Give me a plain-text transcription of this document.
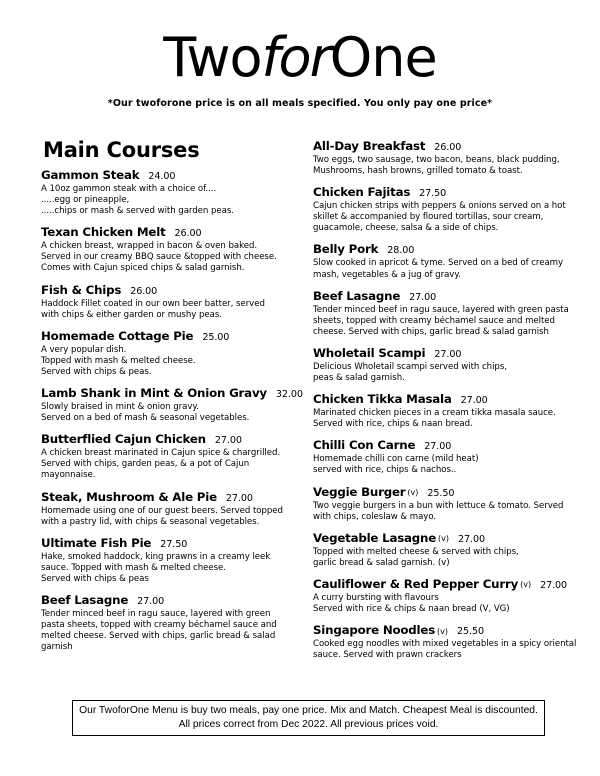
TwoforOne
*Our twoforone price is on all meals specified. You only pay one price*
Main Courses
Gammon Steak 24.00
A 10oz gammon steak with a choice of....
.....egg or pineapple,
.....chips or mash & served with garden peas.
Texan Chicken Melt 26.00
A chicken breast, wrapped in bacon & oven baked.
Served in our creamy BBQ sauce &topped with cheese.
Comes with Cajun spiced chips & salad garnish.
Fish & Chips 26.00
Haddock Fillet coated in our own beer batter, served
with chips & either garden or mushy peas.
Homemade Cottage Pie 25.00
A very popular dish.
Topped with mash & melted cheese.
Served with chips & peas.
Lamb Shank in Mint & Onion Gravy 32.00
Slowly braised in mint & onion gravy.
Served on a bed of mash & seasonal vegetables.
Butterflied Cajun Chicken 27.00
A chicken breast marinated in Cajun spice & chargrilled.
Served with chips, garden peas, & a pot of Cajun
mayonnaise.
Steak, Mushroom & Ale Pie 27.00
Homemade using one of our guest beers. Served topped
with a pastry lid, with chips & seasonal vegetables.
Ultimate Fish Pie 27.50
Hake, smoked haddock, king prawns in a creamy leek
sauce. Topped with mash & melted cheese.
Served with chips & peas
Beef Lasagne 27.00
Tender minced beef in ragu sauce, layered with green
pasta sheets, topped with creamy béchamel sauce and
melted cheese. Served with chips, garlic bread & salad
garnish
All-Day Breakfast 26.00
Two eggs, two sausage, two bacon, beans, black pudding,
Mushrooms, hash browns, grilled tomato & toast.
Chicken Fajitas 27.50
Cajun chicken strips with peppers & onions served on a hot
skillet & accompanied by floured tortillas, sour cream,
guacamole, cheese, salsa & a side of chips.
Belly Pork 28.00
Slow cooked in apricot & tyme. Served on a bed of creamy
mash, vegetables & a jug of gravy.
Beef Lasagne 27.00
Tender minced beef in ragu sauce, layered with green pasta
sheets, topped with creamy béchamel sauce and melted
cheese. Served with chips, garlic bread & salad garnish
Wholetail Scampi 27.00
Delicious Wholetail scampi served with chips,
peas & salad garnish.
Chicken Tikka Masala 27.00
Marinated chicken pieces in a cream tikka masala sauce.
Served with rice, chips & naan bread.
Chilli Con Carne 27.00
Homemade chilli con carne (mild heat)
served with rice, chips & nachos..
Veggie Burger (v) 25.50
Two veggie burgers in a bun with lettuce & tomato. Served
with chips, coleslaw & mayo.
Vegetable Lasagne (v) 27.00
Topped with melted cheese & served with chips,
garlic bread & salad garnish. (v)
Cauliflower & Red Pepper Curry (v) 27.00
A curry bursting with flavours
Served with rice & chips & naan bread (V, VG)
Singapore Noodles (v) 25.50
Cooked egg noodles with mixed vegetables in a spicy oriental
sauce. Served with prawn crackers
Our TwoforOne Menu is buy two meals, pay one price. Mix and Match. Cheapest Meal is discounted.
All prices correct from Dec 2022. All previous prices void.
